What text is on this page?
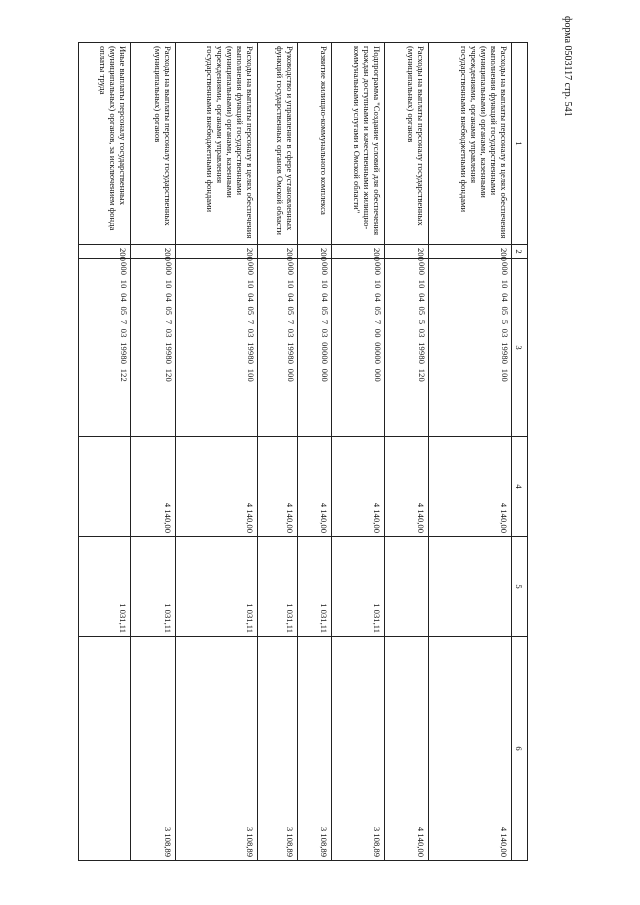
форма 0503117 стр. 541
1	2	3	4	5	6
Расходы на выплаты персоналу в целях обеспечения выполнения функций государственными (муниципальными) органами, казенными учреждениями, органами управления государственными внебюджетными фондами	200	000  10  04  05  5  03  19980  100	4 140,00		4 140,00
Расходы на выплаты персоналу государственных (муниципальных) органов	200	000  10  04  05  5  03  19980  120	4 140,00		4 140,00
Подпрограмма "Создание условий для обеспечения граждан доступными и качественными жилищно-коммунальными услугами в Омской области"	200	000  10  04  05  7  00  00000  000	4 140,00	1 031,11	3 108,89
Развитие жилищно-коммунального комплекса	200	000  10  04  05  7  03  00000  000	4 140,00	1 031,11	3 108,89
Руководство и управление в сфере установленных функций государственных органов Омской области	200	000  10  04  05  7  03  19980  000	4 140,00	1 031,11	3 108,89
Расходы на выплаты персоналу в целях обеспечения выполнения функций государственными (муниципальными) органами, казенными учреждениями, органами управления государственными внебюджетными фондами	200	000  10  04  05  7  03  19980  100	4 140,00	1 031,11	3 108,89
Расходы на выплаты персоналу государственных (муниципальных) органов	200	000  10  04  05  7  03  19980  120	4 140,00	1 031,11	3 108,89
Иные выплаты персоналу государственных (муниципальных) органов, за исключением фонда оплаты труда	200	000  10  04  05  7  03  19980  122		1 031,11	
